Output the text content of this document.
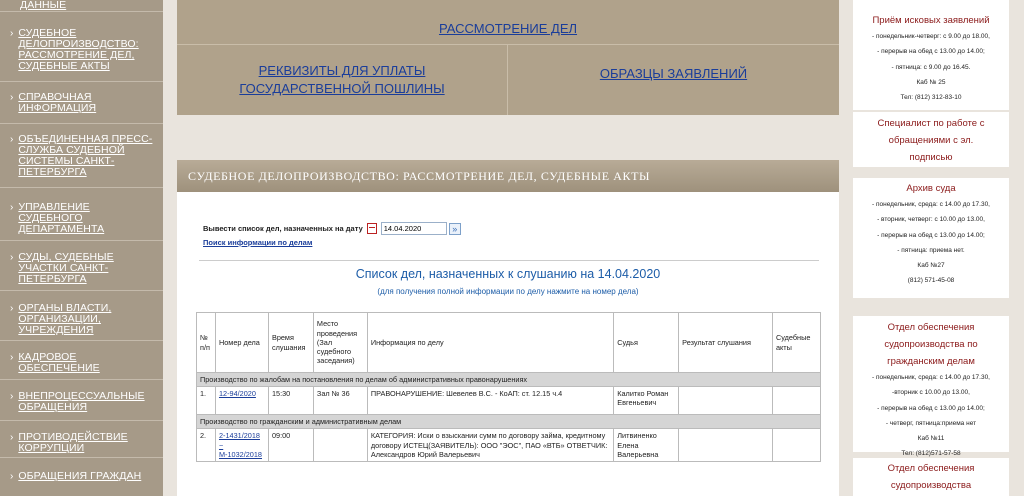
ДАННЫЕ
› СУДЕБНОЕ ДЕЛОПРОИЗВОДСТВО: РАССМОТРЕНИЕ ДЕЛ, СУДЕБНЫЕ АКТЫ
› СПРАВОЧНАЯ ИНФОРМАЦИЯ
› ОБЪЕДИНЕННАЯ ПРЕСС-СЛУЖБА СУДЕБНОЙ СИСТЕМЫ САНКТ-ПЕТЕРБУРГА
› УПРАВЛЕНИЕ СУДЕБНОГО ДЕПАРТАМЕНТА
› СУДЫ, СУДЕБНЫЕ УЧАСТКИ САНКТ-ПЕТЕРБУРГА
› ОРГАНЫ ВЛАСТИ, ОРГАНИЗАЦИИ, УЧРЕЖДЕНИЯ
› КАДРОВОЕ ОБЕСПЕЧЕНИЕ
› ВНЕПРОЦЕССУАЛЬНЫЕ ОБРАЩЕНИЯ
› ПРОТИВОДЕЙСТВИЕ КОРРУПЦИИ
› ОБРАЩЕНИЯ ГРАЖДАН
РАССМОТРЕНИЕ ДЕЛ
РЕКВИЗИТЫ ДЛЯ УПЛАТЫ ГОСУДАРСТВЕННОЙ ПОШЛИНЫ
ОБРАЗЦЫ ЗАЯВЛЕНИЙ
СУДЕБНОЕ ДЕЛОПРОИЗВОДСТВО: РАССМОТРЕНИЕ ДЕЛ, СУДЕБНЫЕ АКТЫ
Вывести список дел, назначенных на дату
14.04.2020	»
Поиск информации по делам
Список дел, назначенных к слушанию на 14.04.2020
(для получения полной информации по делу нажмите на номер дела)
№ п/п	Номер дела	Время слушания	Место проведения (Зал судебного заседания)	Информация по делу	Судья	Результат слушания	Судебные акты
Производство по жалобам на постановления по делам об административных правонарушениях							
1.	12-94/2020	15:30	Зал № 36	ПРАВОНАРУШЕНИЕ: Шевелев В.С. - КоАП: ст. 12.15 ч.4	Калитко Роман Евгеньевич		
Производство по гражданским и административным делам							
2.	2-1431/2018 ~ М-1032/2018	09:00		КАТЕГОРИЯ: Иски о взыскании сумм по договору займа, кредитному договору ИСТЕЦ(ЗАЯВИТЕЛЬ): ООО "ЭОС", ПАО «ВТБ» ОТВЕТЧИК: Александров Юрий Валерьевич	Литвиненко Елена Валерьевна		
Приём исковых заявлений
- понедельник-четверг: с 9.00 до 18.00,
- перерыв на обед с 13.00 до 14.00;
- пятница: с 9.00 до 16.45.
Каб № 25
Тел: (812) 312-83-10
Специалист по работе с обращениями с эл. подписью
Архив суда
- понедельник, среда: с 14.00 до 17.30,
- вторник, четверг: с 10.00 до 13.00,
- перерыв на обед с 13.00 до 14.00;
- пятница: приема нет.
Каб №27
(812) 571-45-08
Отдел обеспечения судопроизводства по гражданским делам
- понедельник, среда: с 14.00 до 17.30,
-вторник с 10.00 до 13.00,
- перерыв на обед с 13.00 до 14.00;
- четверг, пятница:приема нет
Каб №11
Тел: (812)571-57-58
Отдел обеспечения судопроизводства
